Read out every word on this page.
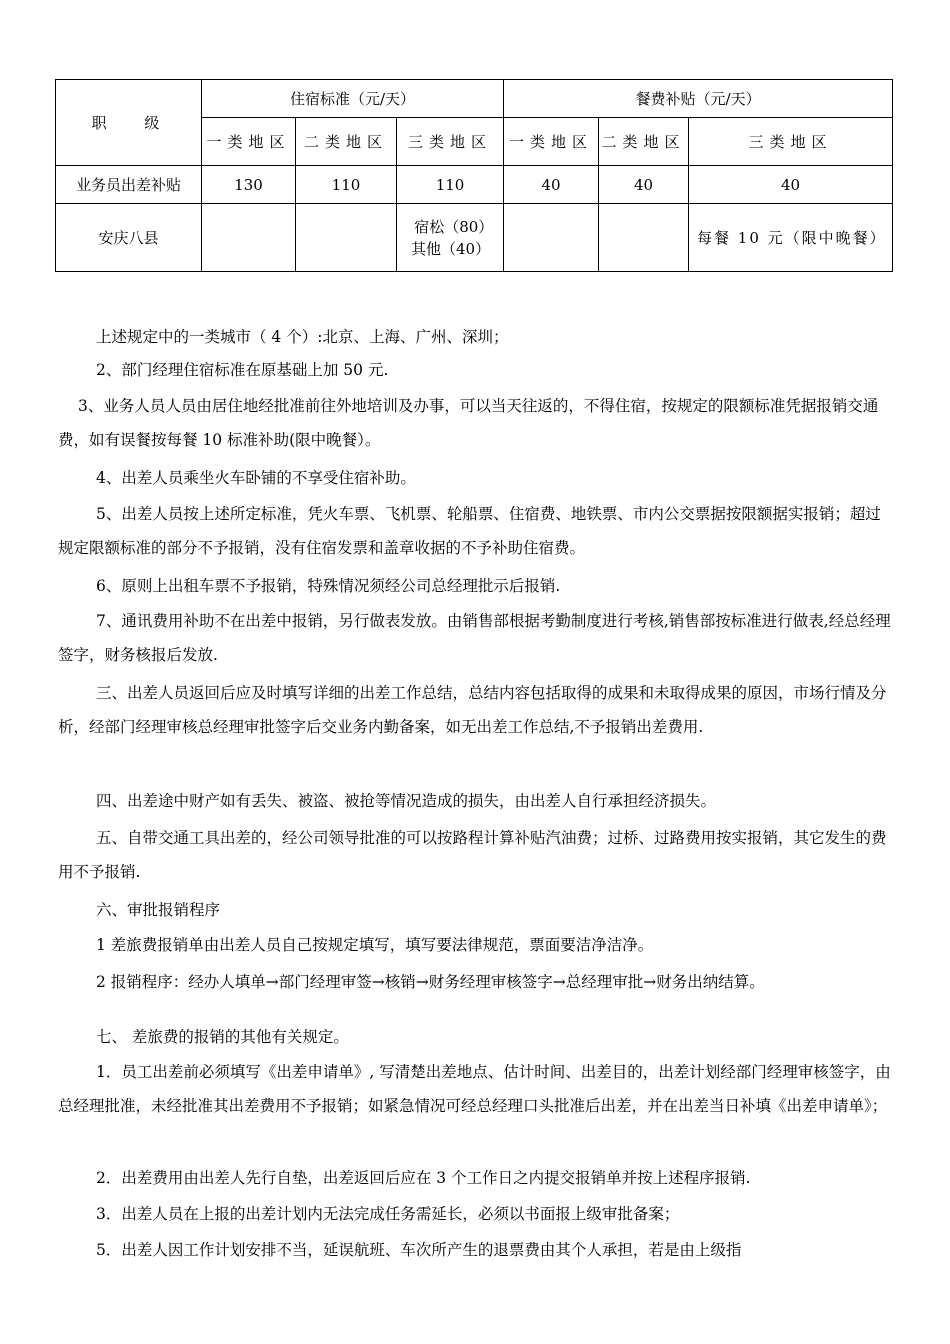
职　 级	住宿标准（元/天）			餐费补贴（元/天）		
	一类地区	二类地区	三类地区	一类地区	二类地区	三类地区
业务员出差补贴	130	110	110	40	40	40
安庆八县			宿松（80）其他（40）			每餐 10 元（限中晚餐）

上述规定中的一类城市（ 4 个）:北京、上海、广州、深圳；

2、部门经理住宿标准在原基础上加 50 元.

3、业务人员人员由居住地经批准前往外地培训及办事，可以当天往返的，不得住宿，按规定的限额标准凭据报销交通费，如有误餐按每餐 10 标准补助(限中晚餐）。

4、出差人员乘坐火车卧铺的不享受住宿补助。

5、出差人员按上述所定标准，凭火车票、飞机票、轮船票、住宿费、地铁票、市内公交票据按限额据实报销；超过规定限额标准的部分不予报销，没有住宿发票和盖章收据的不予补助住宿费。

6、原则上出租车票不予报销，特殊情况须经公司总经理批示后报销.

7、通讯费用补助不在出差中报销，另行做表发放。由销售部根据考勤制度进行考核,销售部按标准进行做表,经总经理签字，财务核报后发放.

三、出差人员返回后应及时填写详细的出差工作总结，总结内容包括取得的成果和未取得成果的原因，市场行情及分析，经部门经理审核总经理审批签字后交业务内勤备案，如无出差工作总结,不予报销出差费用.

四、出差途中财产如有丢失、被盗、被抢等情况造成的损失，由出差人自行承担经济损失。

五、自带交通工具出差的，经公司领导批准的可以按路程计算补贴汽油费；过桥、过路费用按实报销，其它发生的费用不予报销.

六、审批报销程序

1 差旅费报销单由出差人员自己按规定填写，填写要法律规范，票面要洁净洁净。

2 报销程序：经办人填单→部门经理审签→核销→财务经理审核签字→总经理审批→财务出纳结算。

七、 差旅费的报销的其他有关规定。

1．员工出差前必须填写《出差申请单》, 写清楚出差地点、估计时间、出差目的，出差计划经部门经理审核签字，由总经理批准，未经批准其出差费用不予报销；如紧急情况可经总经理口头批准后出差，并在出差当日补填《出差申请单》；

2．出差费用由出差人先行自垫，出差返回后应在 3 个工作日之内提交报销单并按上述程序报销.

3．出差人员在上报的出差计划内无法完成任务需延长，必须以书面报上级审批备案；

5．出差人因工作计划安排不当，延误航班、车次所产生的退票费由其个人承担，若是由上级指
